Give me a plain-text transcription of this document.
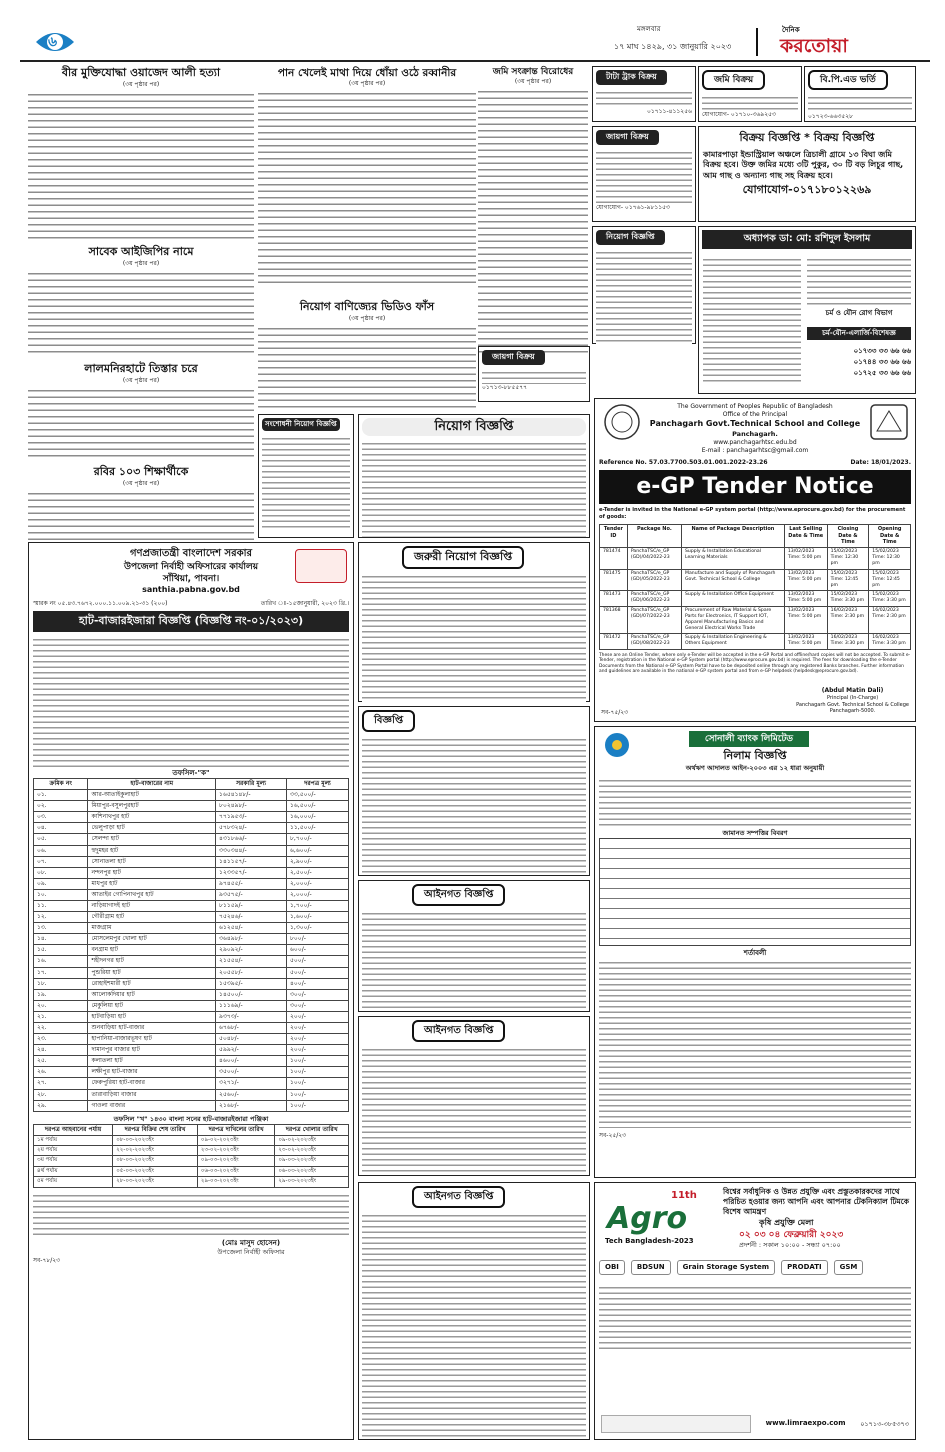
৬
মঙ্গলবার
১৭ মাঘ ১৪২৯, ৩১ জানুয়ারি ২০২৩
দৈনিক
করতোয়া
বীর মুক্তিযোদ্ধা ওয়াজেদ আলী হত্যা
(৩য় পৃষ্ঠার পর)
সাবেক আইজিপির নামে
(৩য় পৃষ্ঠার পর)
লালমনিরহাটে তিস্তার চরে
(৩য় পৃষ্ঠার পর)
রবির ১০৩ শিক্ষার্থীকে
(৩য় পৃষ্ঠার পর)
পান খেলেই মাথা দিয়ে ধোঁয়া ওঠে রব্বানীর
(৩য় পৃষ্ঠার পর)
নিয়োগ বাণিজ্যের ভিডিও ফাঁস
(৩য় পৃষ্ঠার পর)
জমি সংক্রান্ত বিরোধের
(৩য় পৃষ্ঠার পর)
টাটা ট্রাক বিক্রয়
০১৭১১-৪১১২৫৬
জমি বিক্রয়
যোগাযোগ- ০১৭১০-৩৬৯২৫৩
বি.পি.এড ভর্তি
০১৭২৩-৬৬৩৫২৮
জায়গা বিক্রয়
যোগাযোগ- ০১৭৬১-৯৮১১৫৩
বিক্রয় বিজ্ঞপ্তি * বিক্রয় বিজ্ঞপ্তি
কামারপাড়া ইন্ডাস্ট্রিয়াল অঞ্চলে ত্রিচালী গ্রামে ১৩ বিঘা জমি বিক্রয় হবে। উক্ত জমির মধ্যে ৩টি পুকুর, ৩০ টি বড় লিচুর গাছ, আম গাছ ও অন্যান্য গাছ সহ বিক্রয় হবে।
যোগাযোগ-০১৭১৮০১২২৬৯
নিয়োগ বিজ্ঞপ্তি
জায়গা বিক্রয়
০১৭১৩-৮৮৫৫৭৭
অধ্যাপক ডা: মো: রশিদুল ইসলাম
চর্ম ও যৌন রোগ বিভাগ
চর্ম-যৌন-এলার্জি-বিশেষজ্ঞ
০১৭৩৩ ৩৩ ৬৬ ৬৬
০১৭৪৪ ৩৩ ৬৬ ৬৬
০১৭২৫ ৩৩ ৬৬ ৬৬
সংশোধনী নিয়োগ বিজ্ঞপ্তি	নিয়োগ বিজ্ঞপ্তি
জরুরী নিয়োগ বিজ্ঞপ্তি
বিজ্ঞপ্তি
আইনগত বিজ্ঞপ্তি
আইনগত বিজ্ঞপ্তি
আইনগত বিজ্ঞপ্তি
গণপ্রজাতন্ত্রী বাংলাদেশ সরকার
উপজেলা নির্বাহী অফিসারের কার্যালয়
সাঁথিয়া, পাবনা।
santhia.pabna.gov.bd
স্মারক নং ০৫.৪৩.৭৬৭২.০০০.১১.০০৯.২১-৩১ (২০০)	তারিখ ঃ-১৫জানুয়ারী, ২০২৩ খ্রি.।
হাট-বাজারইজারা বিজ্ঞপ্তি (বিজ্ঞপ্তি নং-০১/২০২৩)
তফসিল-"ক"
ক্রমিক নং	হাট-বাজারের নাম	সরকারি মূল্য	দরপত্র মূল্য
০১.	আর-আতাইকুলাহাট	১৬৫৪১৪৮/-	৩৩,৫০০/-
০২.	মিয়াপুর-বসুলপুরহাট	৮০২৪৯৮/-	১৬,৫০০/-
০৩.	কাশিনাথপুর হাট	৭৭১৯৫৩/-	১৬,০০০/-
০৪.	ভেলুপাড়া হাট	৫৭৮৩২৪/-	১১,৫০০/-
০৫.	সেলন্দা হাট	৪৩১৮৬৬/-	৮,৭০০/-
০৬.	হুদুমহর হাট	৩৩০৩৪৪/-	৬,৬০০/-
০৭.	সোনাতলা হাট	১৪১১৫৭/-	২,৯০০/-
০৮.	নন্দনপুর হাট	১২৩৩৫৭/-	২,৫০০/-
০৯.	মাধপুর হাট	৯৭৪৫৫/-	২,০০০/-
১০.	আতাইর গোপিনাথপুর হাট	৯৩৫৭৫/-	২,০০০/-
১১.	নাড়িয়াগাদই হাট	৮১১৫৯/-	১,৭০০/-
১২.	গৌরীগ্রাম হাট	৭৫২৪৬/-	১,৬০০/-
১৩.	মাজগ্রাম	৬১২৫৪/-	১,৩০০/-
১৪.	মোসলেমপুর খোলা হাট	৩৬৪৯৮/-	৮০০/-
১৫.	বনগ্রাম হাট	২৯০৯২/-	৬০০/-
১৬.	শহীদনগর হাট	২১৫৫৪/-	৫০০/-
১৭.	পুন্ডরিয়া হাট	২০৫৫৮/-	৫০০/-
১৮.	রোহাইশমারী হাট	১৫৩৯৫/-	৪০০/-
১৯.	আলোকদিয়ার হাট	১৪৫০০/-	৩০০/-
২০.	মেকুলিয়া হাট	১১১৬৯/-	৩০০/-
২১.	হাটবাড়িয়া হাট	৯৩৭৩/-	২০০/-
২২.	শুনবাড়িয়া হাট-বাজার	৬৭৬৮/-	২০০/-
২৩.	হাপানিয়া-বাজারভূষণ হাট	৫০৪৮/-	২০০/-
২৪.	দামানপুর বাজার হাট	৫৯৯২/-	২০০/-
২৫.	কলাতলা হাট	৪৬০০/-	১০০/-
২৬.	লক্ষীপুর হাট-বাজার	৩৫০০/-	১০০/-
২৭.	ফেরুপুরিয়া হাট-বাজার	৩২৭১/-	১০০/-
২৮.	তারাবাড়িয়া বাজার	২৫৬০/-	১০০/-
২৯.	গাওলা বাজার	২১৬৮/-	১০০/-
তফসিল "খ" ১৪৩০ বাংলা সনের হাট-বাজারইজারা পঞ্জিকা
দরপত্র আহবানের পর্যায়	দরপত্র বিক্রির শেষ তারিখ	দরপত্র দাখিলের তারিখ	দরপত্র খোলার তারিখ
১ম পর্যায়	০৮-০৩-২০২৩ইং	০৯-০২-২০২৩ইং	০৯-০২-২০২৩ইং
২য় পর্যায়	২২-০২-২০২৩ইং	২৩-০২-২০২৩ইং	২৩-০২-২০২৩ইং
৩য় পর্যায়	০৮-০৩-২০২৩ইং	০৯-০৩-২০২৩ইং	০৯-০৩-২০২৩ইং
৪র্থ পর্যায়	০৫-০৩-২০২৩ইং	০৬-০৩-২০২৩ইং	০৬-০৩-২০২৩ইং
৫ম পর্যায়	২৮-০৩-২০২৩ইং	২৯-০৩-২০২৩ইং	২৯-০৩-২০২৩ইং
(মোঃ মাসুদ হোসেন)
উপজেলা নির্বাহী অফিসার
সব-৭৮/২৩
The Government of Peoples Republic of Bangladesh
Office of the Principal
Panchagarh Govt.Technical School and College
Panchagarh.
www.panchagarhtsc.edu.bd
E-mail : panchagarhtsc@gmail.com
Reference No. 57.03.7700.503.01.001.2022-23.26	Date: 18/01/2023.
e-GP Tender Notice
e-Tender is invited in the National e-GP system portal (http://www.eprocure.gov.bd) for the procurement of goods:
Tender ID	Package No.	Name of Package Description	Last Selling Date & Time	Closing Date & Time	Opening Date & Time
781474	PanchaTSC/e_GP (GD)/04/2022-23	Supply & Installation Educational Learning Materials	13/02/2023 Time: 5:00 pm	15/02/2023 Time: 12:30 pm	15/02/2023 Time: 12:30 pm
781475	PanchaTSC/e_GP (GD)/05/2022-23	Manufacture and Supply of Panchagarh Govt. Technical School & College	13/02/2023 Time: 5:00 pm	15/02/2023 Time: 12:45 pm	15/02/2023 Time: 12:45 pm
781473	PanchaTSC/e_GP (GD)/06/2022-23	Supply & Installation Office Equipment	13/02/2023 Time: 5:00 pm	15/02/2023 Time: 3:30 pm	15/02/2023 Time: 3:30 pm
781368	PanchaTSC/e_GP (GD)/07/2022-23	Procurement of Raw Material & Spare Parts for Electronics, IT Support IOT, Apparel Manufacturing Basics and General Electrical Works Trade	13/02/2023 Time: 5:00 pm	16/02/2023 Time: 2:30 pm	16/02/2023 Time: 2:30 pm
781472	PanchaTSC/e_GP (GD)/08/2022-23	Supply & Installation Engineering & Others Equipment	13/02/2023 Time: 5:00 pm	16/02/2023 Time: 3:30 pm	16/02/2023 Time: 3:30 pm
These are an Online Tender, where only e-Tender will be accepted in the e-GP Portal and offline/hard copies will not be accepted. To submit e-Tender, registration in the National e-GP System portal (http://www.eprocure.gov.bd) is required. The fees for downloading the e-Tender Documents from the National e-GP System Portal have to be deposited online through any registered Banks branches. Further information and guidelines are available in the national e-GP system portal and from e-GP helpdesk (helpdesk@eprocure.gov.bd).
(Abdul Matin Dali)
Principal (In-Charge)
Panchagarh Govt. Technical School & College
Panchagarh-5000.
সব-৭৫/২৩
সোনালী ব্যাংক লিমিটেড
নিলাম বিজ্ঞপ্তি
অর্থঋণ আদালত আইন-২০০৩ এর ১২ ধারা অনুযায়ী
জামানত সম্পত্তির বিবরণ
শর্তাবলী
সব-২৫/২৩
11th
Agro
Tech Bangladesh-2023
বিশ্বের সর্বাধুনিক ও উন্নত প্রযুক্তি এবং প্রস্তুতকারকদের সাথে পরিচিত হওয়ার জন্য আপনি এবং আপনার টেকনিক্যাল টিমকে বিশেষ আমন্ত্রণ
কৃষি প্রযুক্তি মেলা
০২ ০৩ ০৪ ফেব্রুয়ারী ২০২৩
প্রদর্শনী : সকাল ১০:০০ - সন্ধ্যা ০৭:০০
OBI	BDSUN	Grain Storage System	PRODATI	GSM
www.limraexpo.com ০১৭১৩-৩৮৫৩৭৩
